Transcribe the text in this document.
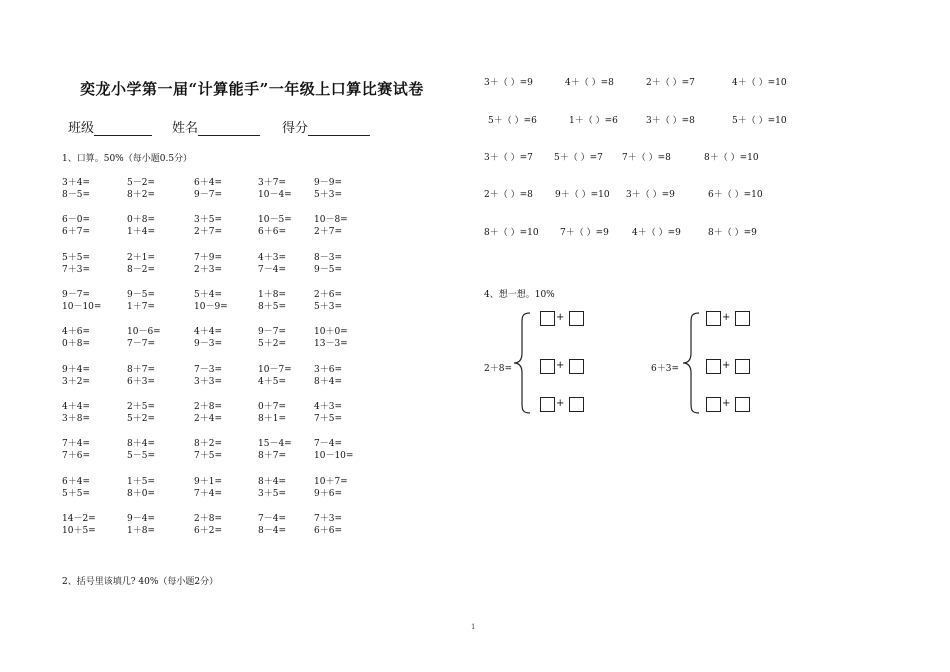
奕龙小学第一届“计算能手”一年级上口算比赛试卷
班级	姓名	得分
1、口算。50%（每小题0.5分）
3＋4=	5－2=	6＋4=	3＋7=	9－9=
8－5=	8＋2=	9－7=	10－4= 5＋3=
6－0=	0＋8=	3＋5=	10－5= 10－8=
6＋7=	1＋4=	2＋7=	6＋6=	2＋7=
5＋5=	2＋1=	7＋9=	4＋3=	8－3=
7＋3=	8－2=	2＋3=	7－4=	9－5=
9－7=	9－5=	5＋4=	1＋8=	2＋6=
10－10=	1＋7=	10－9=	8＋5=	5＋3=
4＋6=	10－6=	4＋4=	9－7=	10＋0=
0＋8=	7－7=	9－3=	5＋2=	13－3=
9＋4=	8＋7=	7－3=	10－7= 3＋6=
3＋2=	6＋3=	3＋3=	4＋5=	8＋4=
4＋4=	2＋5=	2＋8=	0＋7=	4＋3=
3＋8=	5＋2=	2＋4=	8＋1=	7＋5=
7＋4=	8＋4=	8＋2=	15－4= 7－4=
7＋6=	5－5=	7＋5=	8＋7=	10－10=
6＋4=	1＋5=	9＋1=	8＋4=	10＋7=
5＋5=	8＋0=	7＋4=	3＋5=	9＋6=
14－2=	9－4=	2＋8=	7－4=	7＋3=
10＋5=	1＋8=	6＋2=	8－4=	6＋6=
2、括号里该填几? 40%（每小题2分）
3＋（ ）=9	4＋（ ）=8	2＋（ ）=7	4＋（ ）=10
5＋（ ）=6	1＋（ ）=6	3＋（ ）=8	5＋（ ）=10
3＋（ ）=7 5＋（ ）=7 7＋（ ）=8	8＋（ ）=10
2＋（ ）=8 9＋（ ）=10 3＋（ ）=9	6＋（ ）=10
8＋（ ）=10 7＋（ ）=9	4＋（ ）=9	8＋（ ）=9
4、想一想。10%
2＋8=	6＋3=
+
+
+
+
+
+
1
